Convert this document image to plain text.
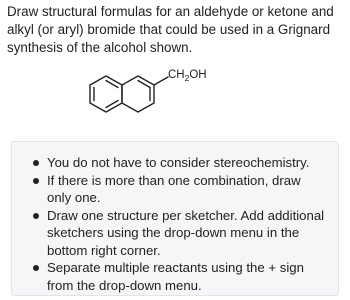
Draw structural formulas for an aldehyde or ketone and alkyl (or aryl) bromide that could be used in a Grignard synthesis of the alcohol shown.

$CH_2OH$
You do not have to consider stereochemistry.
If there is more than one combination, draw only one.
Draw one structure per sketcher. Add additional sketchers using the drop-down menu in the bottom right corner.
Separate multiple reactants using the + sign from the drop-down menu.
